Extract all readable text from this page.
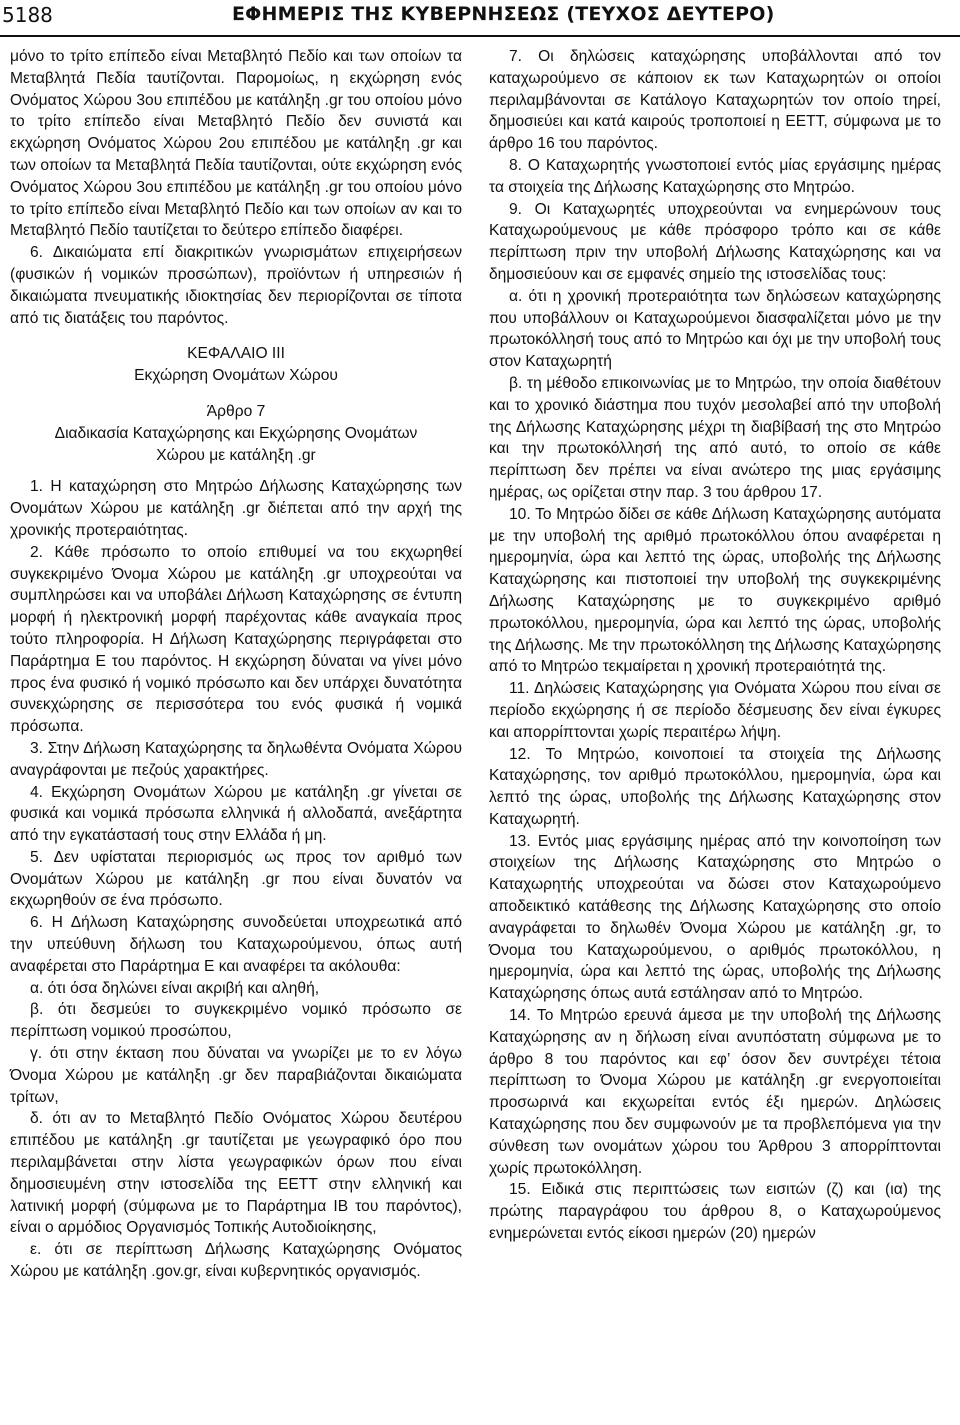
5188	ΕΦΗΜΕΡΙΣ ΤΗΣ ΚΥΒΕΡΝΗΣΕΩΣ (ΤΕΥΧΟΣ ΔΕΥΤΕΡΟ)

μόνο το τρίτο επίπεδο είναι Μεταβλητό Πεδίο και των οποίων τα Μεταβλητά Πεδία ταυτίζονται. Παρομοίως, η εκχώρηση ενός Ονόματος Χώρου 3ου επιπέδου με κατάληξη .gr του οποίου μόνο το τρίτο επίπεδο είναι Μεταβλητό Πεδίο δεν συνιστά και εκχώρηση Ονόματος Χώρου 2ου επιπέδου με κατάληξη .gr και των οποίων τα Μεταβλητά Πεδία ταυτίζονται, ούτε εκχώρηση ενός Ονόματος Χώρου 3ου επιπέδου με κατάληξη .gr του οποίου μόνο το τρίτο επίπεδο είναι Μεταβλητό Πεδίο και των οποίων αν και το Μεταβλητό Πεδίο ταυτίζεται το δεύτερο επίπεδο διαφέρει.

6. Δικαιώματα επί διακριτικών γνωρισμάτων επιχειρήσεων (φυσικών ή νομικών προσώπων), προϊόντων ή υπηρεσιών ή δικαιώματα πνευματικής ιδιοκτησίας δεν περιορίζονται σε τίποτα από τις διατάξεις του παρόντος.

ΚΕΦΑΛΑΙΟ ΙΙΙ

Εκχώρηση Ονομάτων Χώρου

Άρθρο 7

Διαδικασία Καταχώρησης και Εκχώρησης Ονομάτων Χώρου με κατάληξη .gr

1. Η καταχώρηση στο Μητρώο Δήλωσης Καταχώρησης των Ονομάτων Χώρου με κατάληξη .gr διέπεται από την αρχή της χρονικής προτεραιότητας.

2. Κάθε πρόσωπο το οποίο επιθυμεί να του εκχωρηθεί συγκεκριμένο Όνομα Χώρου με κατάληξη .gr υποχρεούται να συμπληρώσει και να υποβάλει Δήλωση Καταχώρησης σε έντυπη μορφή ή ηλεκτρονική μορφή παρέχοντας κάθε αναγκαία προς τούτο πληροφορία. Η Δήλωση Καταχώρησης περιγράφεται στο Παράρτημα Ε του παρόντος. Η εκχώρηση δύναται να γίνει μόνο προς ένα φυσικό ή νομικό πρόσωπο και δεν υπάρχει δυνατότητα συνεκχώρησης σε περισσότερα του ενός φυσικά ή νομικά πρόσωπα.

3. Στην Δήλωση Καταχώρησης τα δηλωθέντα Ονόματα Χώρου αναγράφονται με πεζούς χαρακτήρες.

4. Εκχώρηση Ονομάτων Χώρου με κατάληξη .gr γίνεται σε φυσικά και νομικά πρόσωπα ελληνικά ή αλλοδαπά, ανεξάρτητα από την εγκατάστασή τους στην Ελλάδα ή μη.

5. Δεν υφίσταται περιορισμός ως προς τον αριθμό των Ονομάτων Χώρου με κατάληξη .gr που είναι δυνατόν να εκχωρηθούν σε ένα πρόσωπο.

6. Η Δήλωση Καταχώρησης συνοδεύεται υποχρεωτικά από την υπεύθυνη δήλωση του Καταχωρούμενου, όπως αυτή αναφέρεται στο Παράρτημα Ε και αναφέρει τα ακόλουθα:

α. ότι όσα δηλώνει είναι ακριβή και αληθή,

β. ότι δεσμεύει το συγκεκριμένο νομικό πρόσωπο σε περίπτωση νομικού προσώπου,

γ. ότι στην έκταση που δύναται να γνωρίζει με το εν λόγω Όνομα Χώρου με κατάληξη .gr δεν παραβιάζονται δικαιώματα τρίτων,

δ. ότι αν το Μεταβλητό Πεδίο Ονόματος Χώρου δευτέρου επιπέδου με κατάληξη .gr ταυτίζεται με γεωγραφικό όρο που περιλαμβάνεται στην λίστα γεωγραφικών όρων που είναι δημοσιευμένη στην ιστοσελίδα της ΕΕΤΤ στην ελληνική και λατινική μορφή (σύμφωνα με το Παράρτημα ΙΒ του παρόντος), είναι ο αρμόδιος Οργανισμός Τοπικής Αυτοδιοίκησης,

ε. ότι σε περίπτωση Δήλωσης Καταχώρησης Ονόματος Χώρου με κατάληξη .gov.gr, είναι κυβερνητικός οργανισμός.

7. Οι δηλώσεις καταχώρησης υποβάλλονται από τον καταχωρούμενο σε κάποιον εκ των Καταχωρητών οι οποίοι περιλαμβάνονται σε Κατάλογο Καταχωρητών τον οποίο τηρεί, δημοσιεύει και κατά καιρούς τροποποιεί η ΕΕΤΤ, σύμφωνα με το άρθρο 16 του παρόντος.

8. Ο Καταχωρητής γνωστοποιεί εντός μίας εργάσιμης ημέρας τα στοιχεία της Δήλωσης Καταχώρησης στο Μητρώο.

9. Οι Καταχωρητές υποχρεούνται να ενημερώνουν τους Καταχωρούμενους με κάθε πρόσφορο τρόπο και σε κάθε περίπτωση πριν την υποβολή Δήλωσης Καταχώρησης και να δημοσιεύουν και σε εμφανές σημείο της ιστοσελίδας τους:

α. ότι η χρονική προτεραιότητα των δηλώσεων καταχώρησης που υποβάλλουν οι Καταχωρούμενοι διασφαλίζεται μόνο με την πρωτοκόλλησή τους από το Μητρώο και όχι με την υποβολή τους στον Καταχωρητή

β. τη μέθοδο επικοινωνίας με το Μητρώο, την οποία διαθέτουν και το χρονικό διάστημα που τυχόν μεσολαβεί από την υποβολή της Δήλωσης Καταχώρησης μέχρι τη διαβίβασή της στο Μητρώο και την πρωτοκόλλησή της από αυτό, το οποίο σε κάθε περίπτωση δεν πρέπει να είναι ανώτερο της μιας εργάσιμης ημέρας, ως ορίζεται στην παρ. 3 του άρθρου 17.

10. Το Μητρώο δίδει σε κάθε Δήλωση Καταχώρησης αυτόματα με την υποβολή της αριθμό πρωτοκόλλου όπου αναφέρεται η ημερομηνία, ώρα και λεπτό της ώρας, υποβολής της Δήλωσης Καταχώρησης και πιστοποιεί την υποβολή της συγκεκριμένης Δήλωσης Καταχώρησης με το συγκεκριμένο αριθμό πρωτοκόλλου, ημερομηνία, ώρα και λεπτό της ώρας, υποβολής της Δήλωσης. Με την πρωτοκόλληση της Δήλωσης Καταχώρησης από το Μητρώο τεκμαίρεται η χρονική προτεραιότητά της.

11. Δηλώσεις Καταχώρησης για Ονόματα Χώρου που είναι σε περίοδο εκχώρησης ή σε περίοδο δέσμευσης δεν είναι έγκυρες και απορρίπτονται χωρίς περαιτέρω λήψη.

12. Το Μητρώο, κοινοποιεί τα στοιχεία της Δήλωσης Καταχώρησης, τον αριθμό πρωτοκόλλου, ημερομηνία, ώρα και λεπτό της ώρας, υποβολής της Δήλωσης Καταχώρησης στον Καταχωρητή.

13. Εντός μιας εργάσιμης ημέρας από την κοινοποίηση των στοιχείων της Δήλωσης Καταχώρησης στο Μητρώο ο Καταχωρητής υποχρεούται να δώσει στον Καταχωρούμενο αποδεικτικό κατάθεσης της Δήλωσης Καταχώρησης στο οποίο αναγράφεται το δηλωθέν Όνομα Χώρου με κατάληξη .gr, το Όνομα του Καταχωρούμενου, ο αριθμός πρωτοκόλλου, η ημερομηνία, ώρα και λεπτό της ώρας, υποβολής της Δήλωσης Καταχώρησης όπως αυτά εστάλησαν από το Μητρώο.

14. Το Μητρώο ερευνά άμεσα με την υποβολή της Δήλωσης Καταχώρησης αν η δήλωση είναι ανυπόστατη σύμφωνα με το άρθρο 8 του παρόντος και εφ’ όσον δεν συντρέχει τέτοια περίπτωση το Όνομα Χώρου με κατάληξη .gr ενεργοποιείται προσωρινά και εκχωρείται εντός έξι ημερών. Δηλώσεις Καταχώρησης που δεν συμφωνούν με τα προβλεπόμενα για την σύνθεση των ονομάτων χώρου του Άρθρου 3 απορρίπτονται χωρίς πρωτοκόλληση.

15. Ειδικά στις περιπτώσεις των εισιτών (ζ) και (ια) της πρώτης παραγράφου του άρθρου 8, ο Καταχωρούμενος ενημερώνεται εντός είκοσι ημερών (20) ημερών
